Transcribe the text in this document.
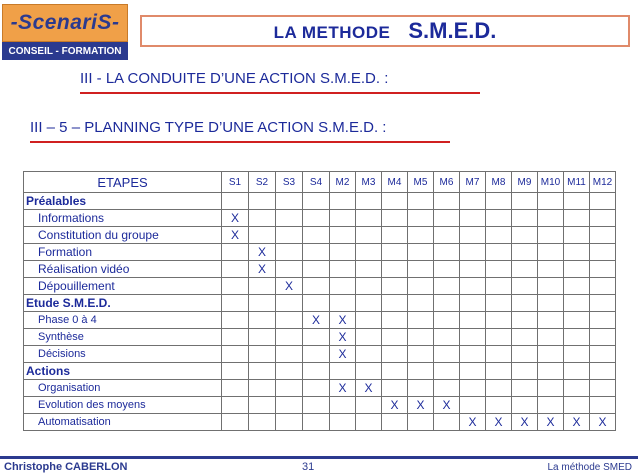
-ScenariS-
CONSEIL - FORMATION
LA METHODE S.M.E.D.
III - LA CONDUITE D’UNE ACTION S.M.E.D. :
III – 5 – PLANNING TYPE D’UNE ACTION S.M.E.D. :
ETAPES	S1	S2	S3	S4	M2	M3	M4	M5	M6	M7	M8	M9	M10	M11	M12
Préalables															
Informations	X														
Constitution du groupe	X														
Formation		X													
Réalisation vidéo		X													
Dépouillement			X												
Etude S.M.E.D.															
Phase 0 à 4				X	X										
Synthèse					X										
Décisions					X										
Actions															
Organisation					X	X									
Evolution des moyens							X	X	X						
Automatisation										X	X	X	X	X	X
Christophe CABERLON	31	La méthode SMED
